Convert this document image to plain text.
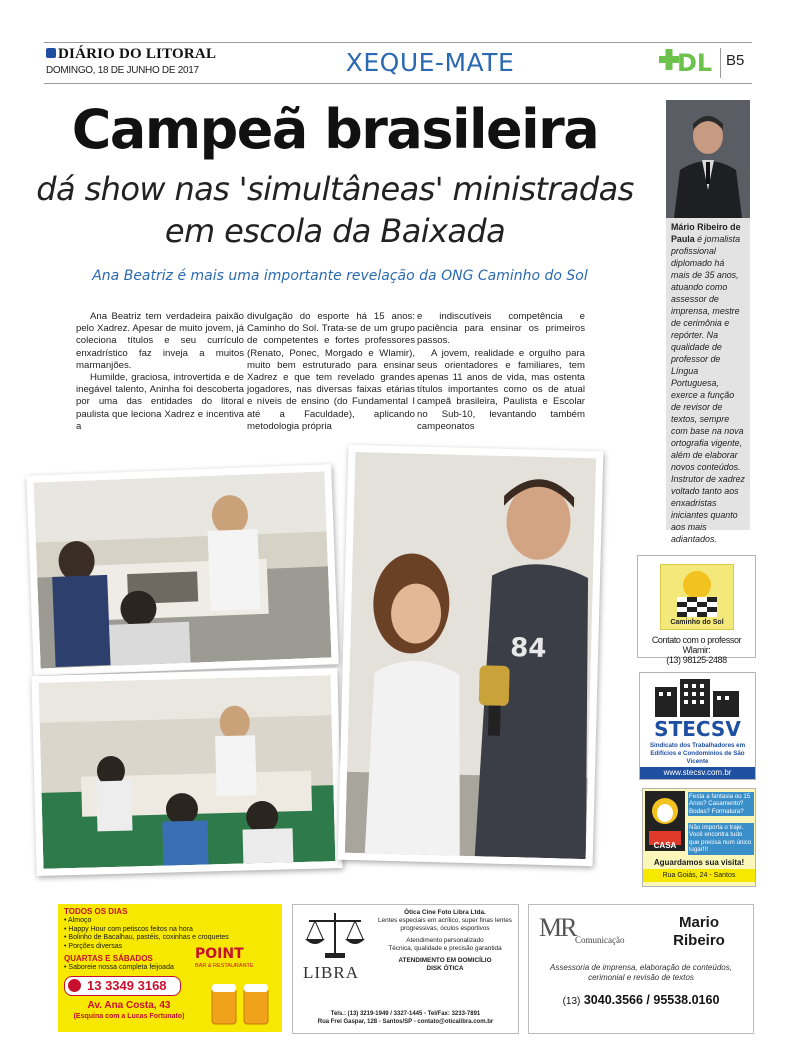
DIÁRIO DO LITORAL
DOMINGO, 18 DE JUNHO DE 2017	XEQUE-MATE	DL B5
Campeã brasileira
dá show nas 'simultâneas' ministradas
em escola da Baixada
Ana Beatriz é mais uma importante revelação da ONG Caminho do Sol

Ana Beatriz tem verdadeira paixão pelo Xadrez. Apesar de muito jovem, já coleciona títulos e seu currículo enxadrístico faz inveja a muitos marmanjões.

Humilde, graciosa, introvertida e de inegável talento, Aninha foi descoberta por uma das entidades do litoral paulista que leciona Xadrez e incentiva a

divulgação do esporte há 15 anos: Caminho do Sol. Trata-se de um grupo de competentes e fortes professores (Renato, Ponec, Morgado e Wlamir), muito bem estruturado para ensinar Xadrez e que tem revelado grandes jogadores, nas diversas faixas etárias e níveis de ensino (do Fundamental I até a Faculdade), aplicando metodologia própria

e indiscutíveis competência e paciência para ensinar os primeiros passos.

A jovem, realidade e orgulho para seus orientadores e familiares, tem apenas 11 anos de vida, mas ostenta títulos importantes como os de atual campeã brasileira, Paulista e Escolar no Sub-10, levantando também campeonatos

Mário Ribeiro de Paula é jornalista profissional diplomado há mais de 35 anos, atuando como assessor de imprensa, mestre de cerimônia e repórter. Na qualidade de professor de Língua Portuguesa, exerce a função de revisor de textos, sempre com base na nova ortografia vigente, além de elaborar novos conteúdos. Instrutor de xadrez voltado tanto aos enxadristas iniciantes quanto aos mais adiantados.
84
Caminho do Sol
Contato com o professor Wlamir:
(13) 98125-2488
STECSV
Sindicato dos Trabalhadores em
Edifícios e Condomínios de São Vicente
www.stecsv.com.br
CASA
Festa a fantasia ou 15 Anos? Casamento? Bodas? Formatura?
Não importa o traje. Você encontra tudo que precisa num único lugar!!!
Aguardamos sua visita!
Rua Goiás, 24 - Santos
TODOS OS DIAS
• Almoço
• Happy Hour com petiscos feitos na hora
• Bolinho de Bacalhau, pastéis, coxinhas e croquetes
• Porções diversas
QUARTAS E SÁBADOS
• Saboreie nossa completa feijoada
POINT
BAR & RESTAURANTE
13 3349 3168
Av. Ana Costa, 43
(Esquina com a Lucas Fortunato)
LIBRA
Ótica Cine Foto Libra Ltda.
Lentes especiais em acrílico, super finas lentes
progressivas, óculos esportivos
Atendimento personalizado
Técnica, qualidade e precisão garantida
ATENDIMENTO EM DOMICÍLIO
DISK ÓTICA
Tels.: (13) 3219-1949 / 3327-1445 - Tel/Fax: 3233-7891
Rua Frei Gaspar, 128 - Santos/SP - contato@oticalibra.com.br
MR Comunicação
Mario
Ribeiro
Assessoria de imprensa, elaboração de conteúdos,
cerimonial e revisão de textos
(13) 3040.3566 / 95538.0160
